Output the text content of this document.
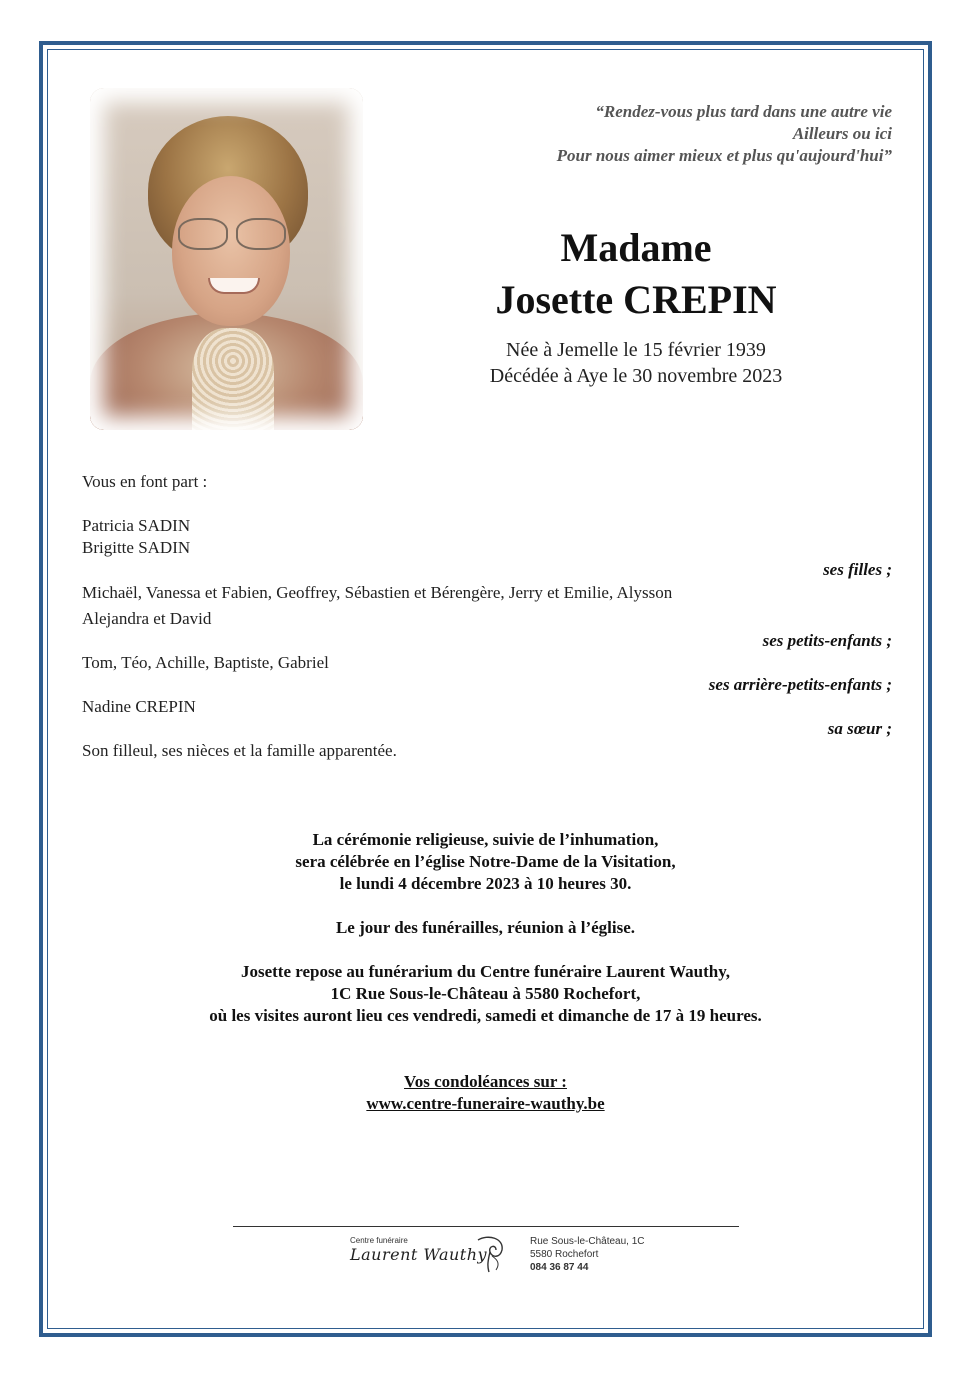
“Rendez-vous plus tard dans une autre vie
Ailleurs ou ici
Pour nous aimer mieux et plus qu'aujourd'hui”
Madame
Josette CREPIN
Née à Jemelle le 15 février 1939
Décédée à Aye le 30 novembre 2023
Vous en font part :
Patricia SADIN
Brigitte SADIN
ses filles ;
Michaël, Vanessa et Fabien, Geoffrey, Sébastien et Bérengère, Jerry et Emilie, Alysson
Alejandra et David
ses petits-enfants ;
Tom, Téo, Achille, Baptiste, Gabriel
ses arrière-petits-enfants ;
Nadine CREPIN
sa sœur ;
Son filleul, ses nièces et la famille apparentée.
La cérémonie religieuse, suivie de l’inhumation,
sera célébrée en l’église Notre-Dame de la Visitation,
le lundi 4 décembre 2023 à 10 heures 30.
Le jour des funérailles, réunion à l’église.
Josette repose au funérarium du Centre funéraire Laurent Wauthy,
1C Rue Sous-le-Château à 5580 Rochefort,
où les visites auront lieu ces vendredi, samedi et dimanche de 17 à 19 heures.
Vos condoléances sur :
www.centre-funeraire-wauthy.be
Centre funéraire
Laurent Wauthy
Rue Sous-le-Château, 1C
5580 Rochefort
084 36 87 44
